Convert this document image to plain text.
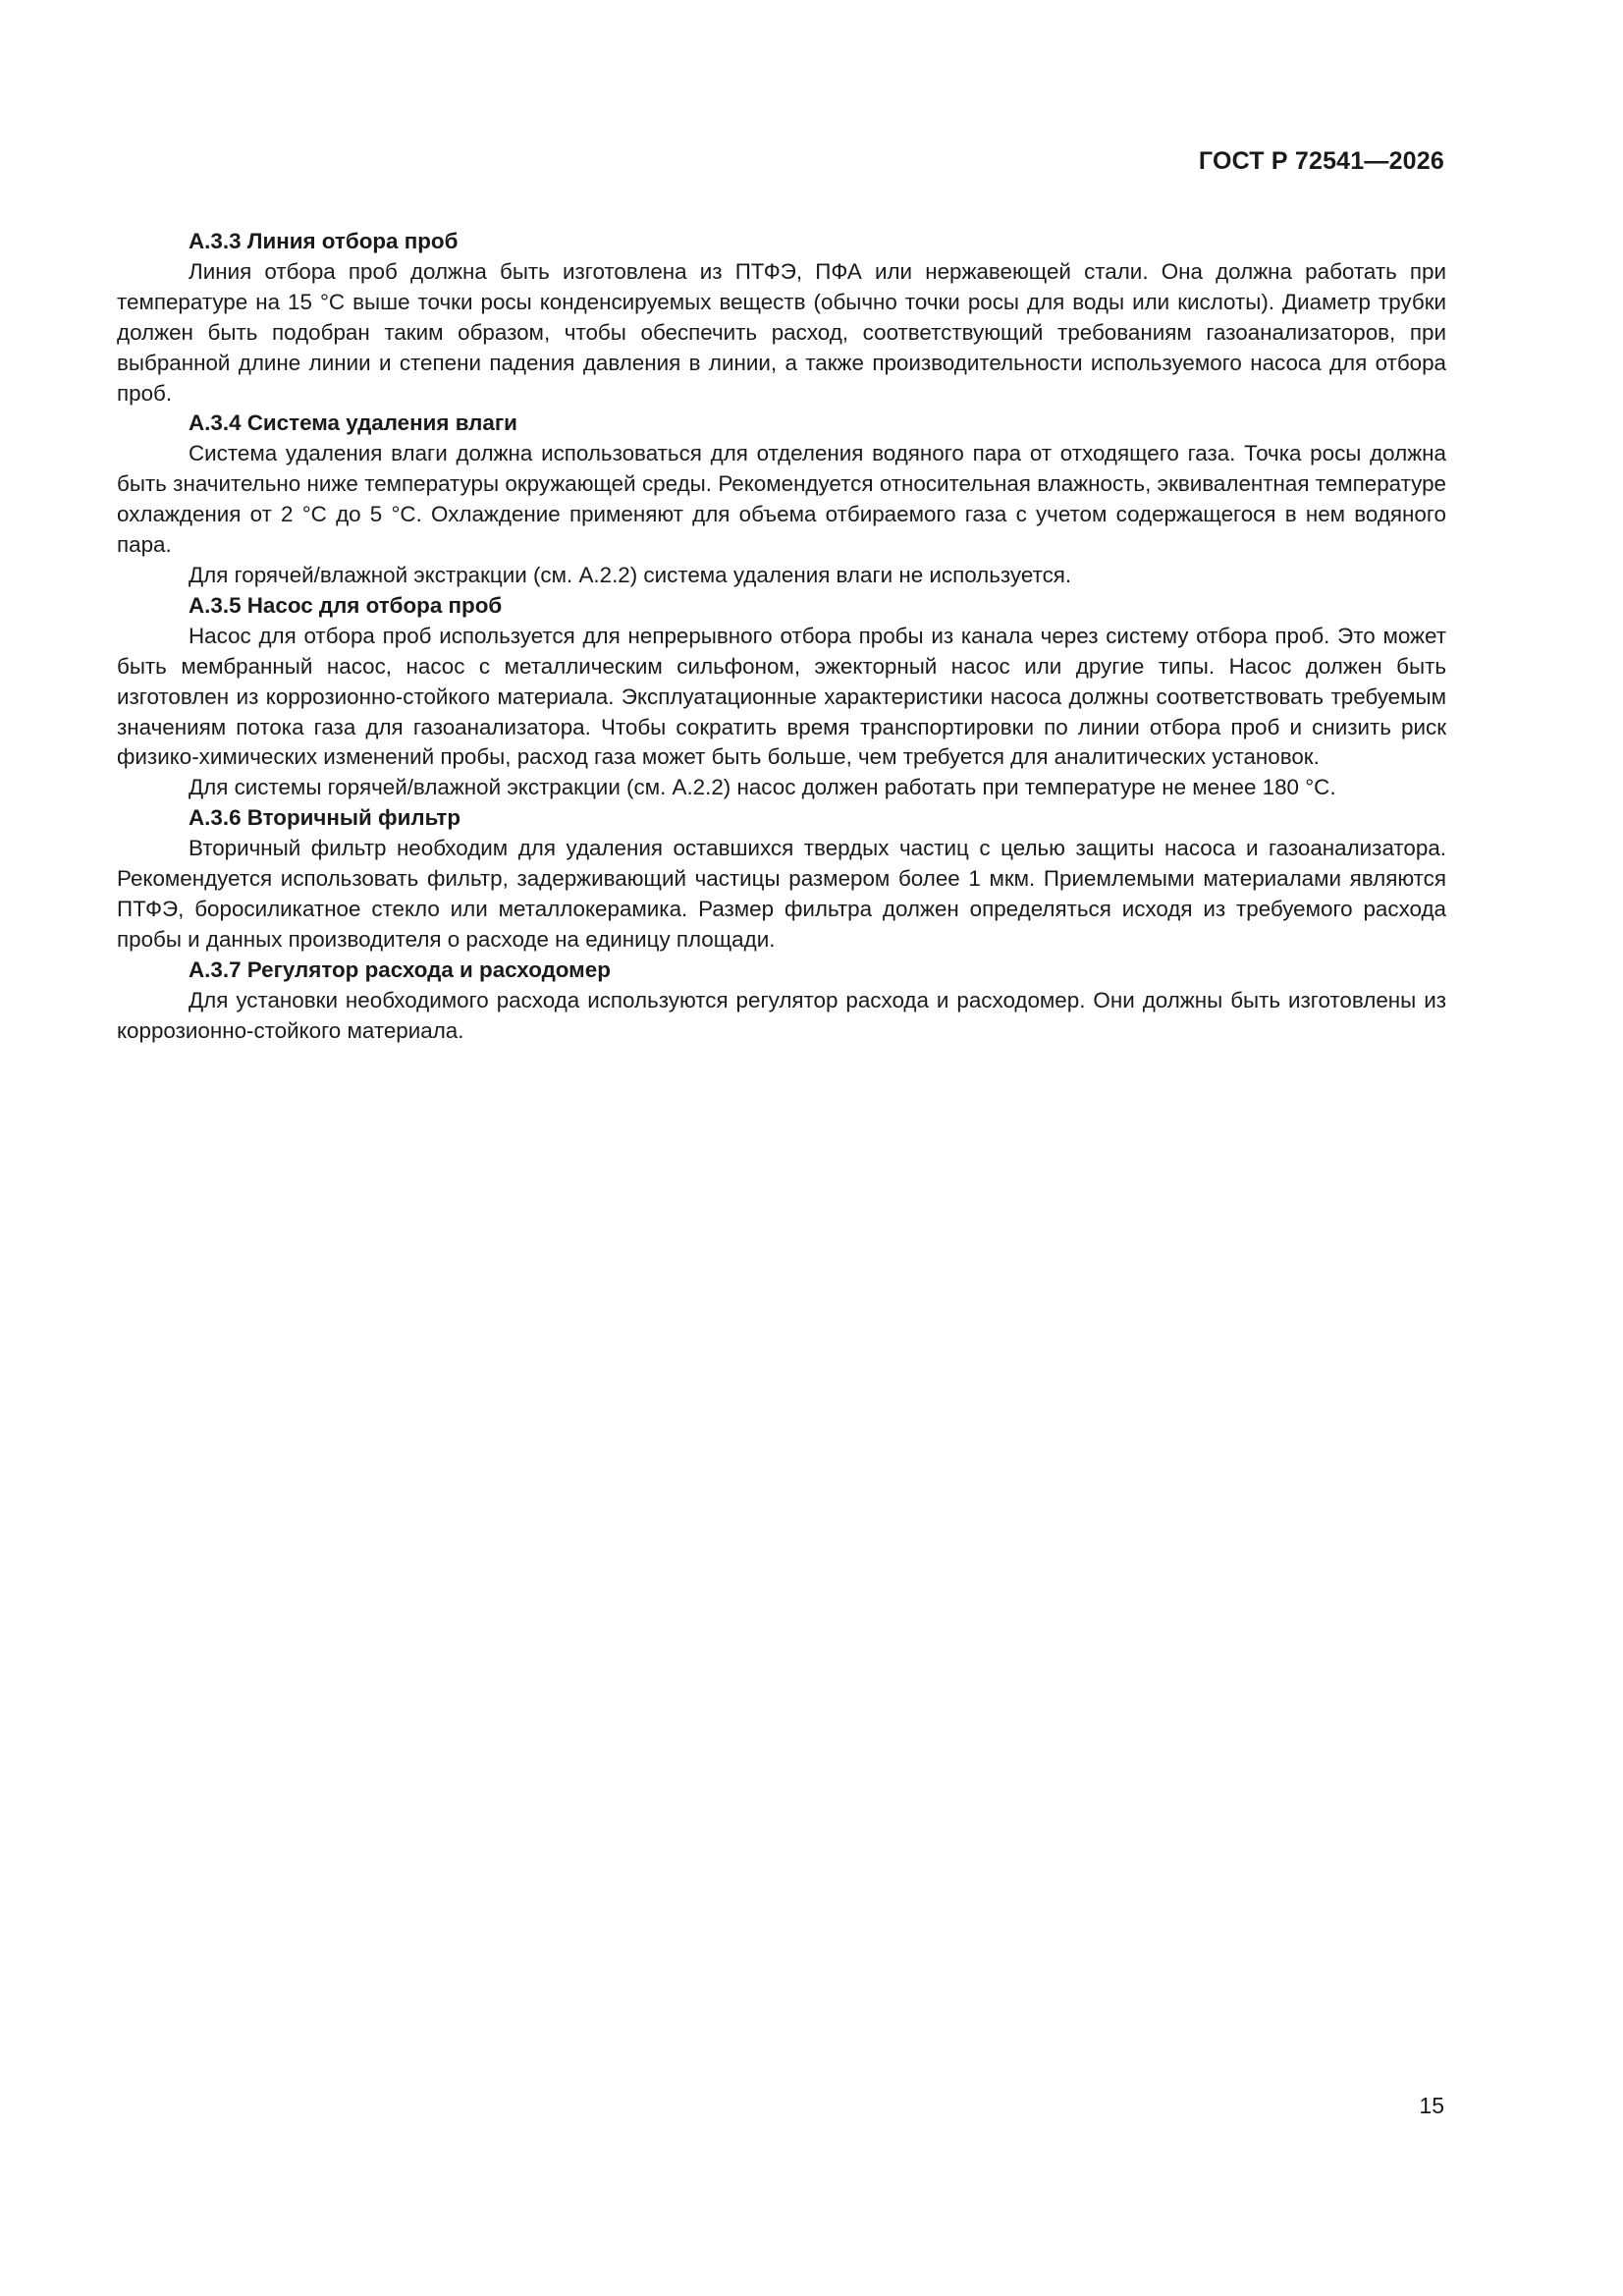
ГОСТ Р 72541—2026
А.3.3 Линия отбора проб

Линия отбора проб должна быть изготовлена из ПТФЭ, ПФА или нержавеющей стали. Она должна работать при температуре на 15 °С выше точки росы конденсируемых веществ (обычно точки росы для воды или кислоты). Диаметр трубки должен быть подобран таким образом, чтобы обеспечить расход, соответствующий требованиям газоанализаторов, при выбранной длине линии и степени падения давления в линии, а также производительности используемого насоса для отбора проб.

А.3.4 Система удаления влаги

Система удаления влаги должна использоваться для отделения водяного пара от отходящего газа. Точка росы должна быть значительно ниже температуры окружающей среды. Рекомендуется относительная влажность, эквивалентная температуре охлаждения от 2 °С до 5 °С. Охлаждение применяют для объема отбираемого газа с учетом содержащегося в нем водяного пара.

Для горячей/влажной экстракции (см. А.2.2) система удаления влаги не используется.

А.3.5 Насос для отбора проб

Насос для отбора проб используется для непрерывного отбора пробы из канала через систему отбора проб. Это может быть мембранный насос, насос с металлическим сильфоном, эжекторный насос или другие типы. Насос должен быть изготовлен из коррозионно-стойкого материала. Эксплуатационные характеристики насоса должны соответствовать требуемым значениям потока газа для газоанализатора. Чтобы сократить время транспортировки по линии отбора проб и снизить риск физико-химических изменений пробы, расход газа может быть больше, чем требуется для аналитических установок.

Для системы горячей/влажной экстракции (см. А.2.2) насос должен работать при температуре не менее 180 °С.

А.3.6 Вторичный фильтр

Вторичный фильтр необходим для удаления оставшихся твердых частиц с целью защиты насоса и газоанализатора. Рекомендуется использовать фильтр, задерживающий частицы размером более 1 мкм. Приемлемыми материалами являются ПТФЭ, боросиликатное стекло или металлокерамика. Размер фильтра должен определяться исходя из требуемого расхода пробы и данных производителя о расходе на единицу площади.

А.3.7 Регулятор расхода и расходомер

Для установки необходимого расхода используются регулятор расхода и расходомер. Они должны быть изготовлены из коррозионно-стойкого материала.

15
